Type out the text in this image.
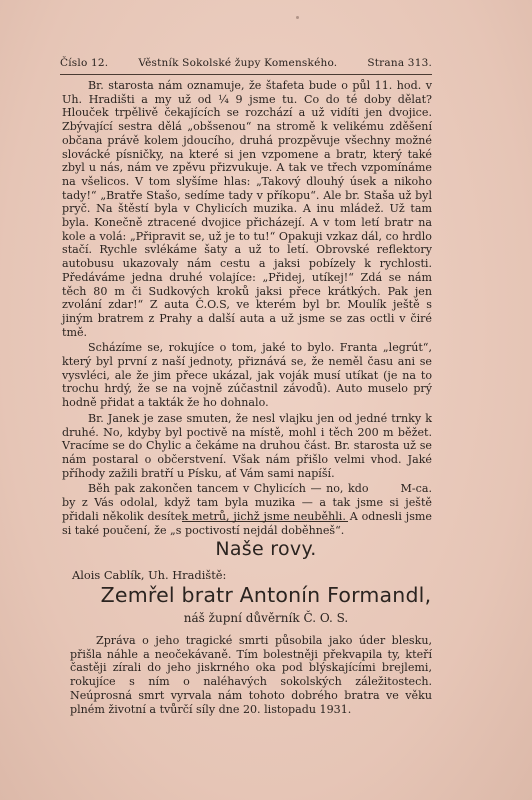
Číslo 12.	Věstník Sokolské župy Komenského.	Strana 313.

Br. starosta nám oznamuje, že štafeta bude o půl 11. hod. v Uh. Hradišti a my už od ¼ 9 jsme tu. Co do té doby dělat? Hlouček trpělivě čekajících se rozchází a už vidíti jen dvojice. Zbývající sestra dělá „obšsenou“ na stromě k velikému zděšení občana právě kolem jdoucího, druhá prozpěvuje všechny možné slovácké písničky, na které si jen vzpomene a bratr, který také zbyl u nás, nám ve zpěvu přizvukuje. A tak ve třech vzpomínáme na všelicos. V tom slyšíme hlas: „Takový dlouhý úsek a nikoho tady!“ „Bratře Stašo, sedíme tady v příkopu“. Ale br. Staša už byl pryč. Na štěstí byla v Chylicích muzika. A inu mládež. Už tam byla. Konečně ztracené dvojice přicházejí. A v tom letí bratr na kole a volá: „Připravit se, už je to tu!“ Opakuji vzkaz dál, co hrdlo stačí. Rychle svlékáme šaty a už to letí. Obrovské reflektory autobusu ukazovaly nám cestu a jaksi pobízely k rychlosti. Předáváme jedna druhé volajíce: „Přidej, utíkej!“ Zdá se nám těch 80 m či Sudkových kroků jaksi přece krátkých. Pak jen zvolání zdar!“ Z auta Č.O.S, ve kterém byl br. Moulík ještě s jiným bratrem z Prahy a další auta a už jsme se zas octli v čiré tmě.

Scházíme se, rokujíce o tom, jaké to bylo. Franta „legrút“, který byl první z naší jednoty, přiznává se, že neměl času ani se vysvléci, ale že jim přece ukázal, jak voják musí utíkat (je na to trochu hrdý, že se na vojně zúčastnil závodů). Auto muselo prý hodně přidat a takták že ho dohnalo.

Br. Janek je zase smuten, že nesl vlajku jen od jedné trnky k druhé. No, kdyby byl poctivě na místě, mohl i těch 200 m běžet. Vracíme se do Chylic a čekáme na druhou část. Br. starosta už se nám postaral o občerstvení. Však nám přišlo velmi vhod. Jaké příhody zažili bratří u Písku, ať Vám sami napíší.

M-ca.
Běh pak zakončen tancem v Chylicích — no, kdo by z Vás odolal, když tam byla muzika — a tak jsme si ještě přidali několik desítek metrů, jichž jsme neuběhli. A odnesli jsme si také poučení, že „s poctivostí nejdál doběhneš“.

Naše rovy.
Alois Cablík, Uh. Hradiště:
Zemřel bratr Antonín Formandl,
náš župní důvěrník Č. O. S.

Zpráva o jeho tragické smrti působila jako úder blesku, přišla náhle a neočekávaně. Tím bolestněji překvapila ty, kteří častěji zírali do jeho jiskrného oka pod blýskajícími brejlemi, rokujíce s ním o naléhavých sokolských záležitostech. Neúprosná smrt vyrvala nám tohoto dobrého bratra ve věku plném životní a tvůrčí síly dne 20. listopadu 1931.
